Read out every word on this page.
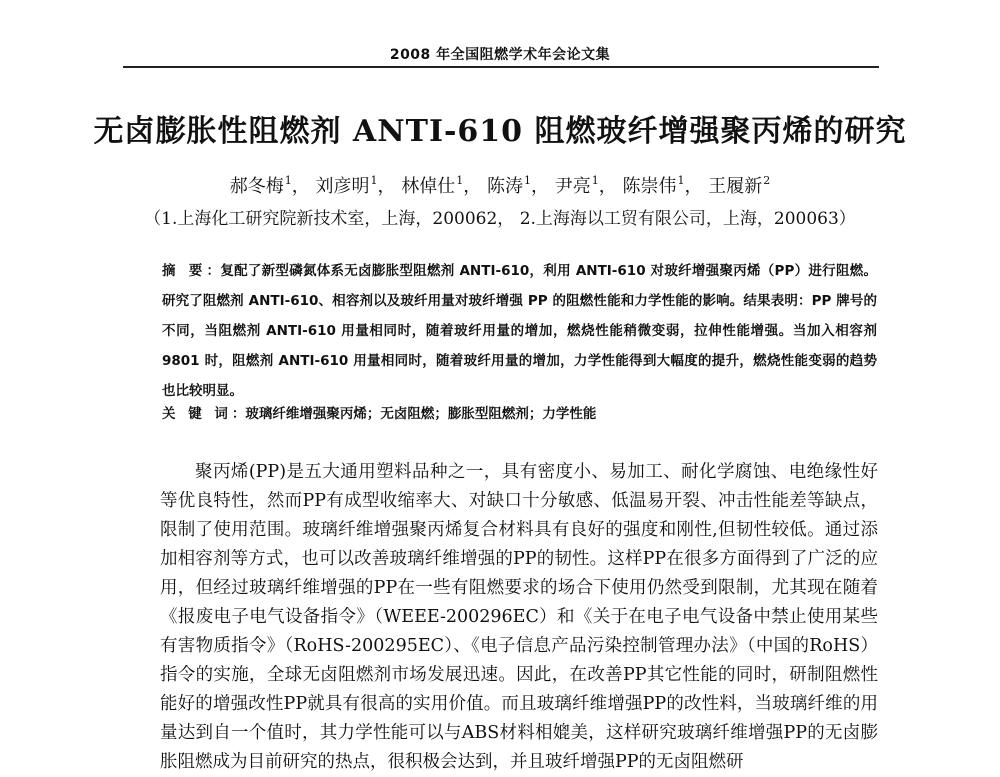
2008 年全国阻燃学术年会论文集
无卤膨胀性阻燃剂 ANTI-610 阻燃玻纤增强聚丙烯的研究
郝冬梅$^1$， 刘彦明$^1$， 林倬仕$^1$， 陈涛$^1$， 尹亮$^1$， 陈崇伟$^1$， 王履新$^2$
（1.上海化工研究院新技术室，上海，200062， 2.上海海以工贸有限公司，上海，200063）
摘 要：复配了新型磷氮体系无卤膨胀型阻燃剂 ANTI-610，利用 ANTI-610 对玻纤增强聚丙烯（PP）进行阻燃。研究了阻燃剂 ANTI-610、相容剂以及玻纤用量对玻纤增强 PP 的阻燃性能和力学性能的影响。结果表明：PP 牌号的不同，当阻燃剂 ANTI-610 用量相同时，随着玻纤用量的增加，燃烧性能稍微变弱，拉伸性能增强。当加入相容剂 9801 时，阻燃剂 ANTI-610 用量相同时，随着玻纤用量的增加，力学性能得到大幅度的提升，燃烧性能变弱的趋势也比较明显。
关 键 词：玻璃纤维增强聚丙烯；无卤阻燃；膨胀型阻燃剂；力学性能
聚丙烯(PP)是五大通用塑料品种之一，具有密度小、易加工、耐化学腐蚀、电绝缘性好等优良特性，然而PP有成型收缩率大、对缺口十分敏感、低温易开裂、冲击性能差等缺点，限制了使用范围。玻璃纤维增强聚丙烯复合材料具有良好的强度和刚性,但韧性较低。通过添加相容剂等方式，也可以改善玻璃纤维增强的PP的韧性。这样PP在很多方面得到了广泛的应用，但经过玻璃纤维增强的PP在一些有阻燃要求的场合下使用仍然受到限制，尤其现在随着《报废电子电气设备指令》（WEEE-200296EC）和《关于在电子电气设备中禁止使用某些有害物质指令》（RoHS-200295EC）、《电子信息产品污染控制管理办法》（中国的RoHS）指令的实施，全球无卤阻燃剂市场发展迅速。因此，在改善PP其它性能的同时，研制阻燃性能好的增强改性PP就具有很高的实用价值。而且玻璃纤维增强PP的改性料，当玻璃纤维的用量达到自一个值时，其力学性能可以与ABS材料相媲美，这样研究玻璃纤维增强PP的无卤膨胀阻燃成为目前研究的热点，很积极会达到，并且玻纤增强PP的无卤阻燃研
